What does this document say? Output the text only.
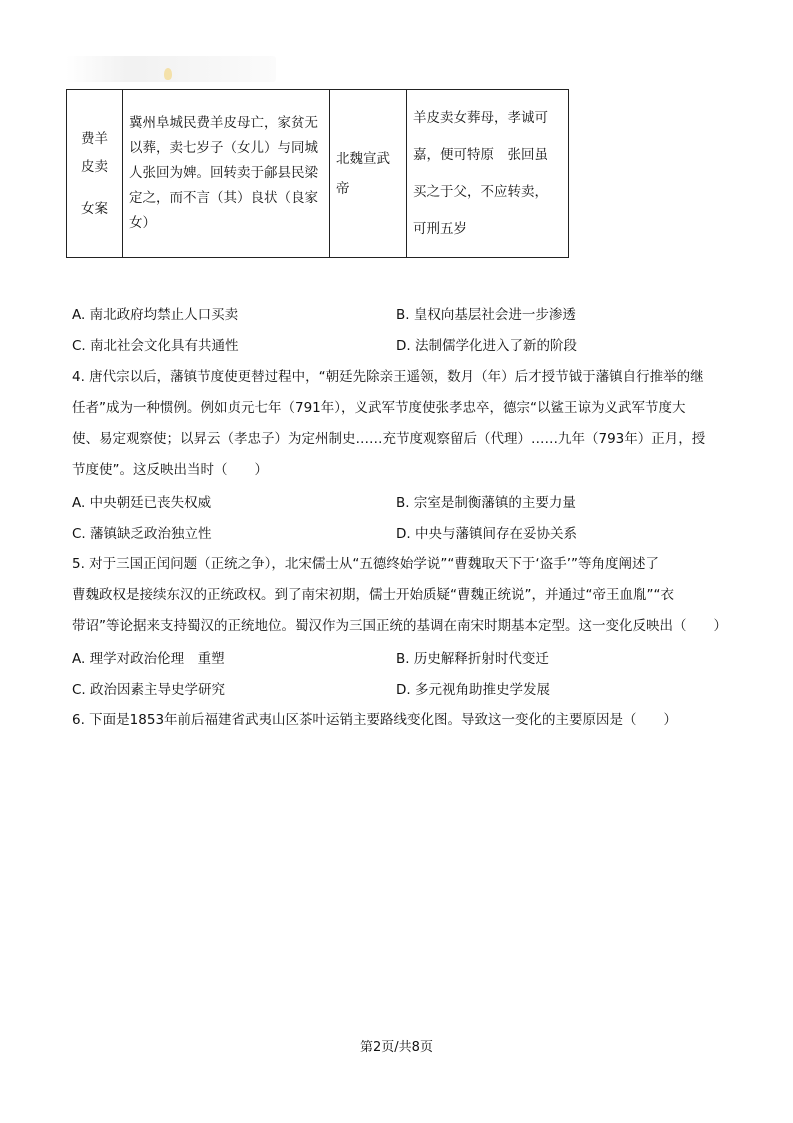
费羊
皮卖
女案

冀州阜城民费羊皮母亡，家贫无
以葬，卖七岁子（女儿）与同城
人张回为婢。回转卖于鄃县民梁
定之，而不言（其）良状（良家
女）

北魏宣武
帝

羊皮卖女葬母，孝诚可
嘉，便可特原　张回虽
买之于父，不应转卖，
可刑五岁
A. 南北政府均禁止人口买卖	B. 皇权向基层社会进一步渗透
C. 南北社会文化具有共通性	D. 法制儒学化进入了新的阶段
4. 唐代宗以后，藩镇节度使更替过程中，“朝廷先除亲王遥领，数月（年）后才授节钺于藩镇自行推举的继
任者”成为一种惯例。例如贞元七年（791年），义武军节度使张孝忠卒，德宗“以鲨王谅为义武军节度大
使、易定观察使；以昇云（孝忠子）为定州制史……充节度观察留后（代理）……九年（793年）正月，授
节度使”。这反映出当时（　　）
A. 中央朝廷已丧失权威	B. 宗室是制衡藩镇的主要力量
C. 藩镇缺乏政治独立性	D. 中央与藩镇间存在妥协关系
5. 对于三国正闰问题（正统之争），北宋儒士从“五德终始学说”“曹魏取天下于‘盗手’”等角度阐述了
曹魏政权是接续东汉的正统政权。到了南宋初期，儒士开始质疑“曹魏正统说”，并通过“帝王血胤”“衣
带诏”等论据来支持蜀汉的正统地位。蜀汉作为三国正统的基调在南宋时期基本定型。这一变化反映出（　　）
A. 理学对政治伦理　重塑	B. 历史解释折射时代变迁
C. 政治因素主导史学研究	D. 多元视角助推史学发展
6. 下面是1853年前后福建省武夷山区茶叶运销主要路线变化图。导致这一变化的主要原因是（　　）
第2页/共8页
